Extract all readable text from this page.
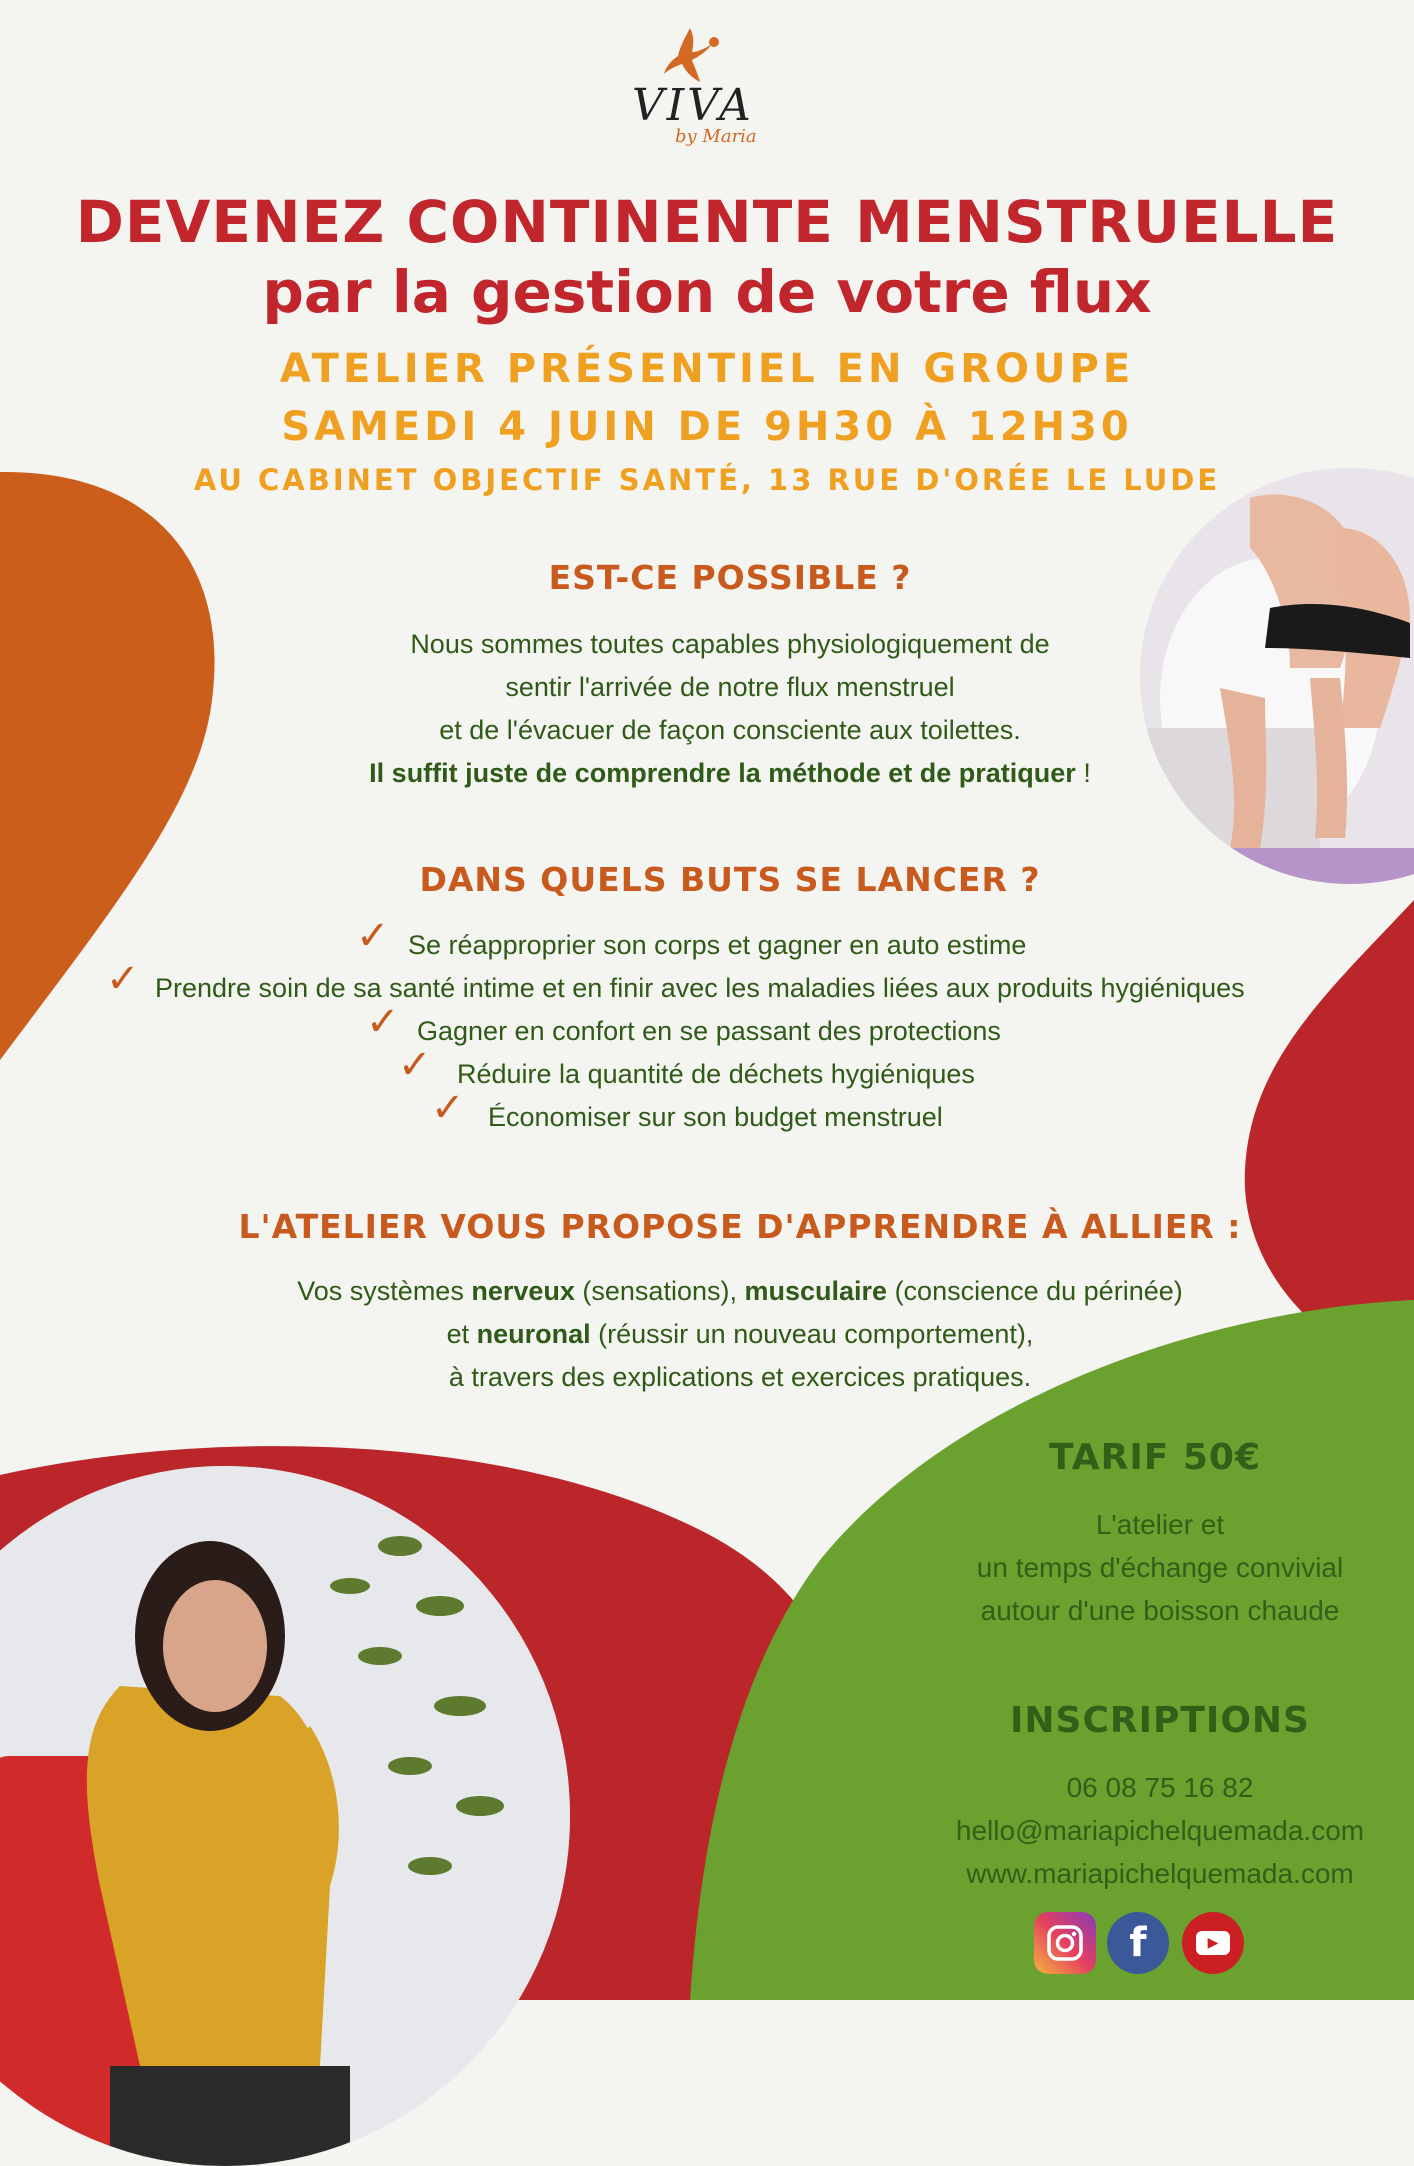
VIVA
by Maria
DEVENEZ CONTINENTE MENSTRUELLE
par la gestion de votre flux
ATELIER PRÉSENTIEL EN GROUPE
SAMEDI 4 JUIN DE 9H30 À 12H30
AU CABINET OBJECTIF SANTÉ, 13 RUE D'ORÉE LE LUDE
EST-CE POSSIBLE ?
Nous sommes toutes capables physiologiquement de
sentir l'arrivée de notre flux menstruel
et de l'évacuer de façon consciente aux toilettes.
Il suffit juste de comprendre la méthode et de pratiquer !
DANS QUELS BUTS SE LANCER ?
✓ Se réapproprier son corps et gagner en auto estime
✓ Prendre soin de sa santé intime et en finir avec les maladies liées aux produits hygiéniques
✓ Gagner en confort en se passant des protections
✓ Réduire la quantité de déchets hygiéniques
✓ Économiser sur son budget menstruel
L'ATELIER VOUS PROPOSE D'APPRENDRE À ALLIER :
Vos systèmes nerveux (sensations), musculaire (conscience du périnée)
et neuronal (réussir un nouveau comportement),
à travers des explications et exercices pratiques.
TARIF 50€
L'atelier et
un temps d'échange convivial
autour d'une boisson chaude
INSCRIPTIONS
06 08 75 16 82
hello@mariapichelquemada.com
www.mariapichelquemada.com
f	▶
